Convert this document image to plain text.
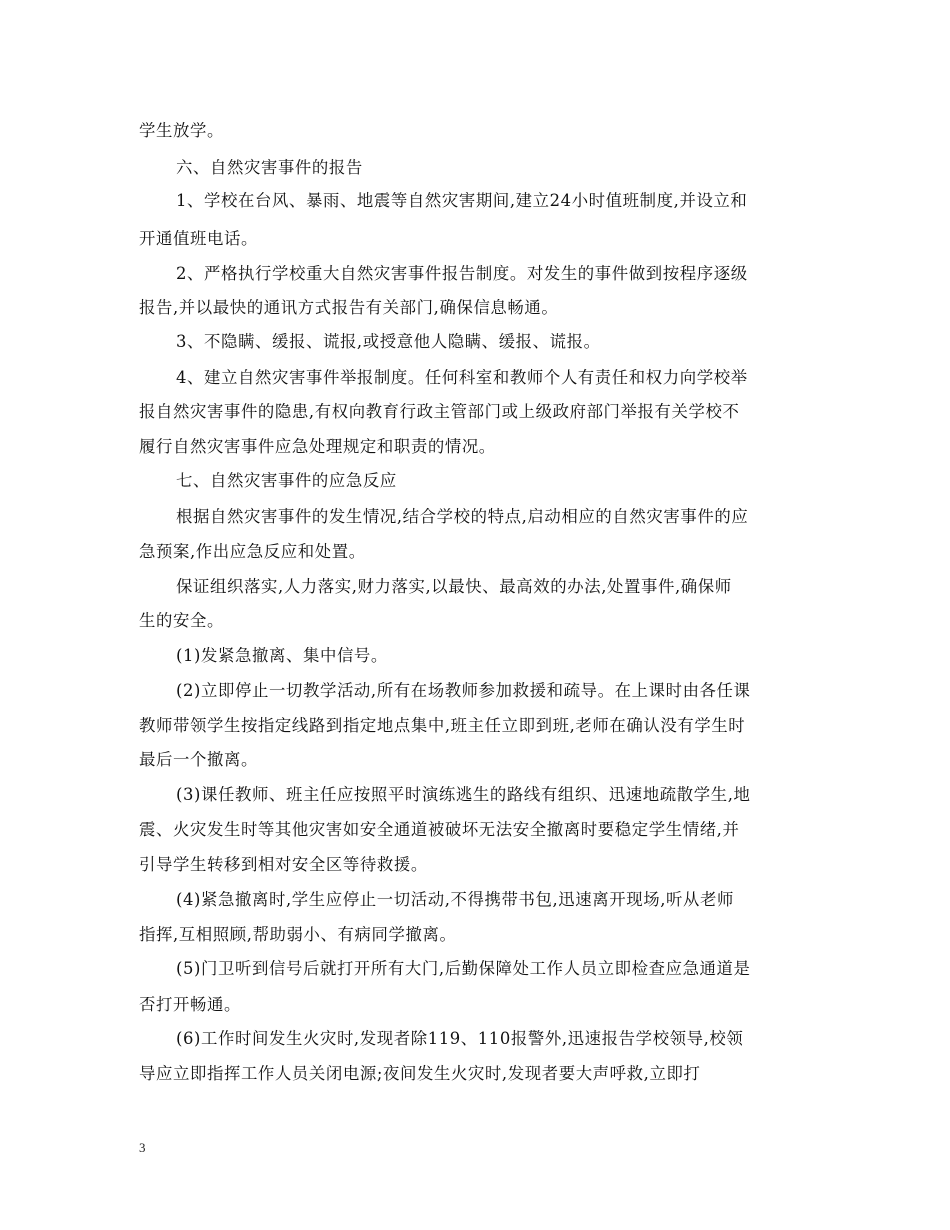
学生放学。
六、自然灾害事件的报告
1、学校在台风、暴雨、地震等自然灾害期间,建立24小时值班制度,并设立和
开通值班电话。
2、严格执行学校重大自然灾害事件报告制度。对发生的事件做到按程序逐级
报告,并以最快的通讯方式报告有关部门,确保信息畅通。
3、不隐瞒、缓报、谎报,或授意他人隐瞒、缓报、谎报。
4、建立自然灾害事件举报制度。任何科室和教师个人有责任和权力向学校举
报自然灾害事件的隐患,有权向教育行政主管部门或上级政府部门举报有关学校不
履行自然灾害事件应急处理规定和职责的情况。
七、自然灾害事件的应急反应
根据自然灾害事件的发生情况,结合学校的特点,启动相应的自然灾害事件的应
急预案,作出应急反应和处置。
保证组织落实,人力落实,财力落实,以最快、最高效的办法,处置事件,确保师
生的安全。
(1)发紧急撤离、集中信号。
(2)立即停止一切教学活动,所有在场教师参加救援和疏导。在上课时由各任课
教师带领学生按指定线路到指定地点集中,班主任立即到班,老师在确认没有学生时
最后一个撤离。
(3)课任教师、班主任应按照平时演练逃生的路线有组织、迅速地疏散学生,地
震、火灾发生时等其他灾害如安全通道被破坏无法安全撤离时要稳定学生情绪,并
引导学生转移到相对安全区等待救援。
(4)紧急撤离时,学生应停止一切活动,不得携带书包,迅速离开现场,听从老师
指挥,互相照顾,帮助弱小、有病同学撤离。
(5)门卫听到信号后就打开所有大门,后勤保障处工作人员立即检查应急通道是
否打开畅通。
(6)工作时间发生火灾时,发现者除119、110报警外,迅速报告学校领导,校领
导应立即指挥工作人员关闭电源;夜间发生火灾时,发现者要大声呼救,立即打
3
